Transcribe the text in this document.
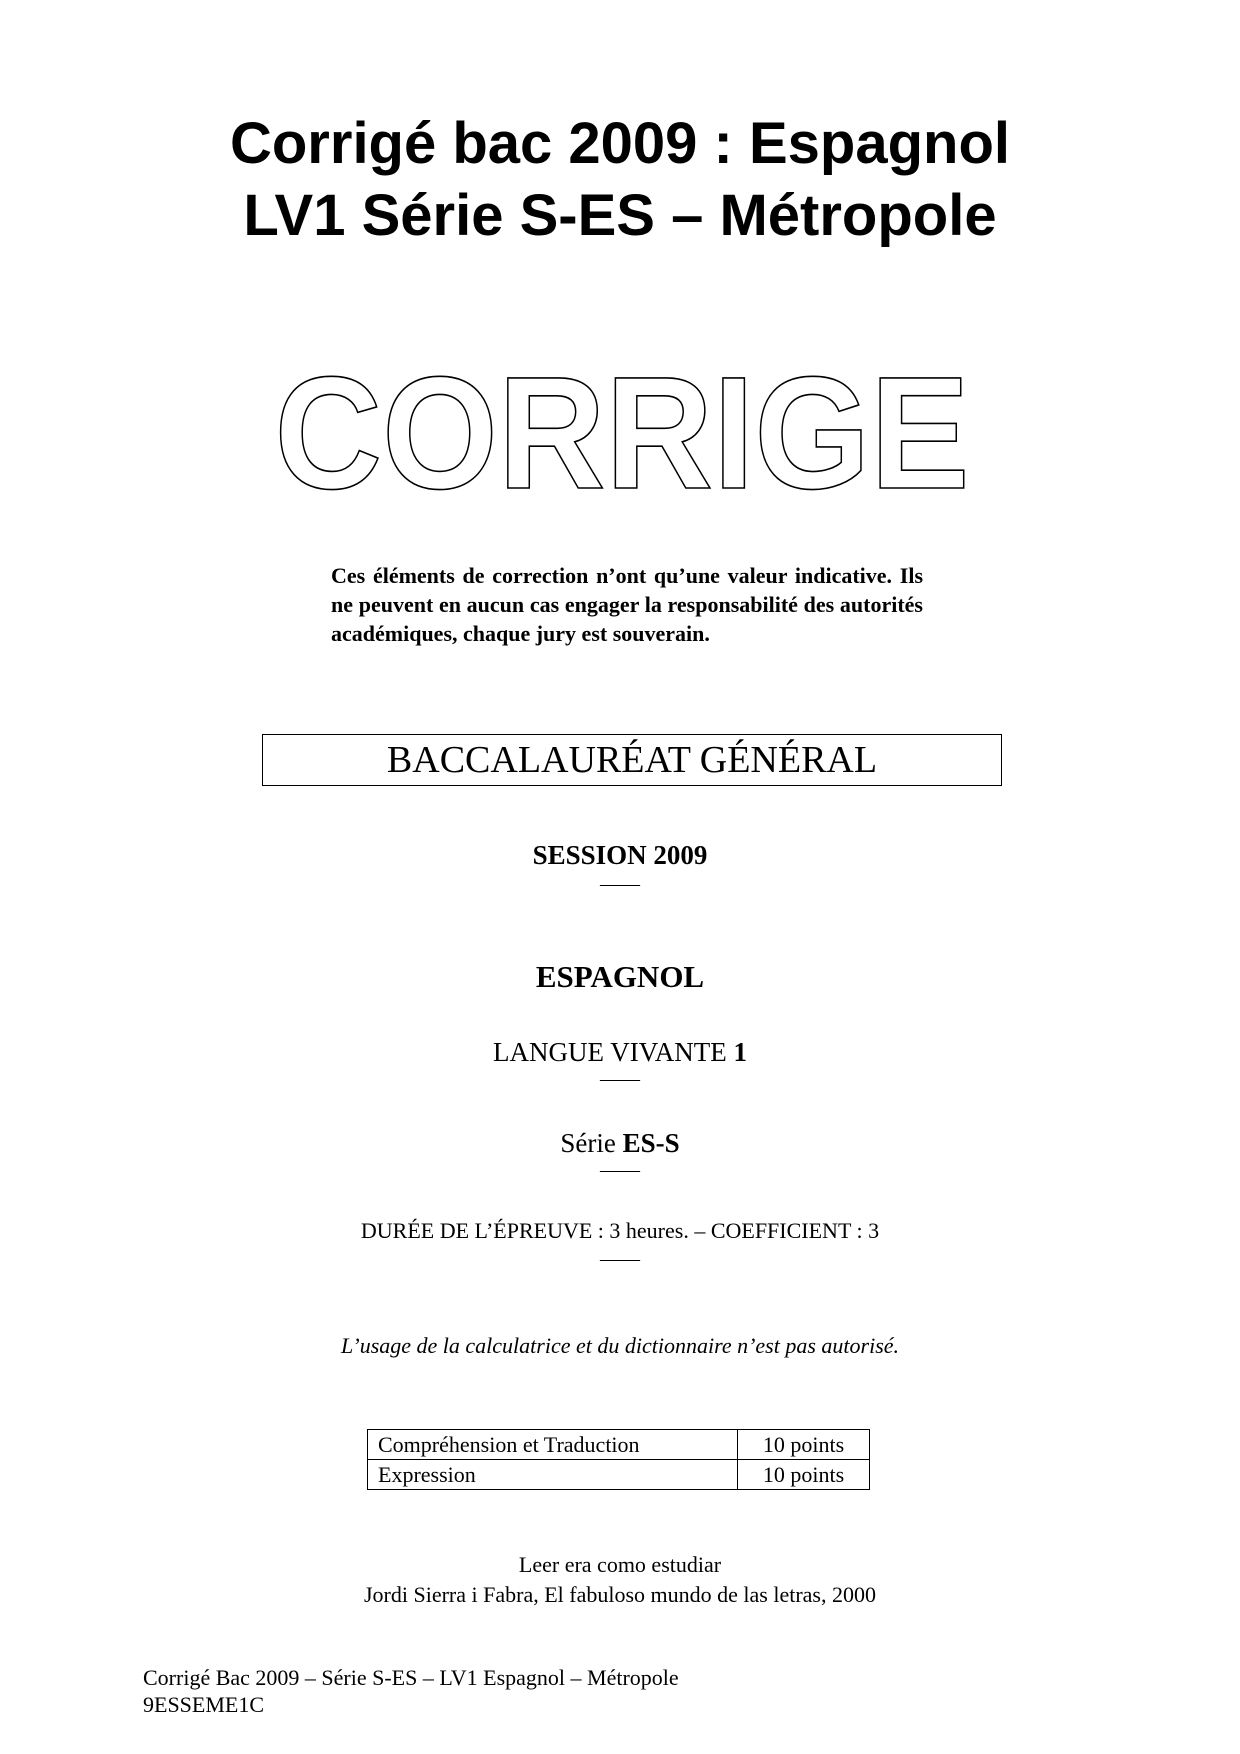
Corrigé bac 2009 : Espagnol
LV1 Série S-ES – Métropole
CORRIGE
Ces éléments de correction n’ont qu’une valeur indicative. Ils ne peuvent en aucun cas engager la responsabilité des autorités académiques, chaque jury est souverain.
BACCALAURÉAT GÉNÉRAL
SESSION 2009
——
ESPAGNOL
LANGUE VIVANTE 1
——
Série ES-S
——
DURÉE DE L’ÉPREUVE : 3 heures. – COEFFICIENT : 3
——
L’usage de la calculatrice et du dictionnaire n’est pas autorisé.
Compréhension et Traduction	10 points
Expression	10 points
Leer era como estudiar
Jordi Sierra i Fabra, El fabuloso mundo de las letras, 2000
Corrigé Bac 2009 – Série S-ES – LV1 Espagnol – Métropole
9ESSEME1C
